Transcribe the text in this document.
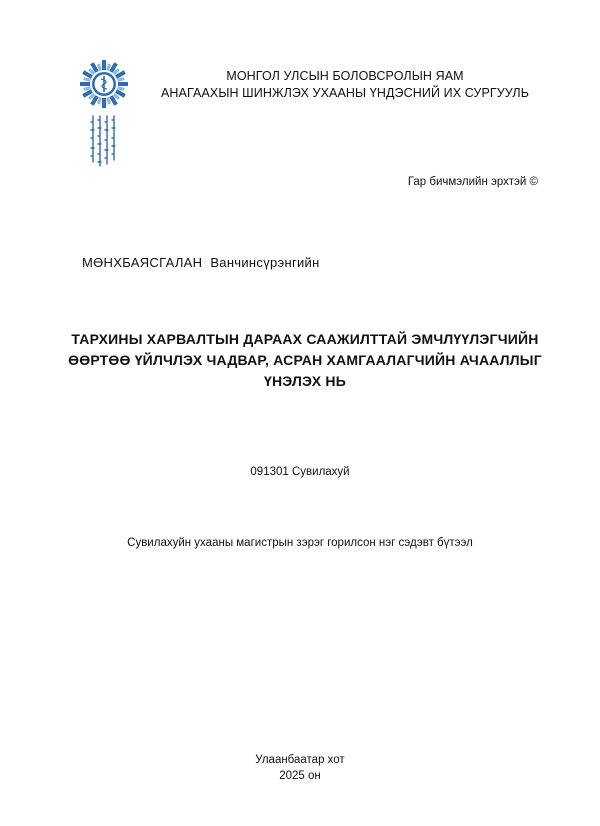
МОНГОЛ УЛСЫН БОЛОВСРОЛЫН ЯАМ
АНАГААХЫН ШИНЖЛЭХ УХААНЫ ҮНДЭСНИЙ ИХ СУРГУУЛЬ
Гар бичмэлийн эрхтэй ©
МӨНХБАЯСГАЛАН Ванчинсүрэнгийн
ТАРХИНЫ ХАРВАЛТЫН ДАРААХ СААЖИЛТТАЙ ЭМЧЛҮҮЛЭГЧИЙН
ӨӨРТӨӨ ҮЙЛЧЛЭХ ЧАДВАР, АСРАН ХАМГААЛАГЧИЙН АЧААЛЛЫГ
ҮНЭЛЭХ НЬ
091301 Сувилахуй
Сувилахуйн ухааны магистрын зэрэг горилсон нэг сэдэвт бүтээл
Улаанбаатар хот
2025 он
